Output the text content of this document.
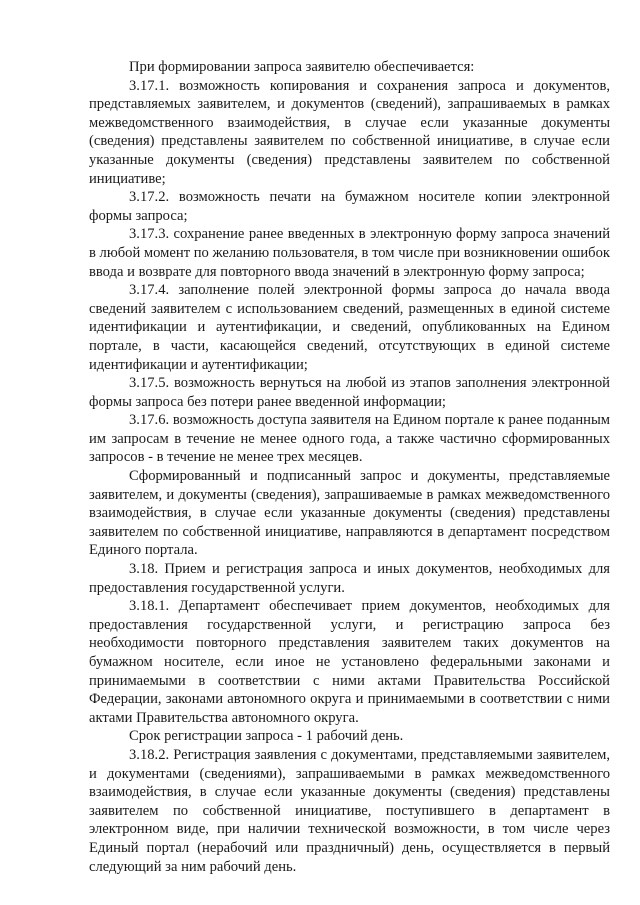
При формировании запроса заявителю обеспечивается:

3.17.1. возможность копирования и сохранения запроса и документов, представляемых заявителем, и документов (сведений), запрашиваемых в рамках межведомственного взаимодействия, в случае если указанные документы (сведения) представлены заявителем по собственной инициативе, в случае если указанные документы (сведения) представлены заявителем по собственной инициативе;

3.17.2. возможность печати на бумажном носителе копии электронной формы запроса;

3.17.3. сохранение ранее введенных в электронную форму запроса значений в любой момент по желанию пользователя, в том числе при возникновении ошибок ввода и возврате для повторного ввода значений в электронную форму запроса;

3.17.4. заполнение полей электронной формы запроса до начала ввода сведений заявителем с использованием сведений, размещенных в единой системе идентификации и аутентификации, и сведений, опубликованных на Едином портале, в части, касающейся сведений, отсутствующих в единой системе идентификации и аутентификации;

3.17.5. возможность вернуться на любой из этапов заполнения электронной формы запроса без потери ранее введенной информации;

3.17.6. возможность доступа заявителя на Едином портале к ранее поданным им запросам в течение не менее одного года, а также частично сформированных запросов - в течение не менее трех месяцев.

Сформированный и подписанный запрос и документы, представляемые заявителем, и документы (сведения), запрашиваемые в рамках межведомственного взаимодействия, в случае если указанные документы (сведения) представлены заявителем по собственной инициативе, направляются в департамент посредством Единого портала.

3.18. Прием и регистрация запроса и иных документов, необходимых для предоставления государственной услуги.

3.18.1. Департамент обеспечивает прием документов, необходимых для предоставления государственной услуги, и регистрацию запроса без необходимости повторного представления заявителем таких документов на бумажном носителе, если иное не установлено федеральными законами и принимаемыми в соответствии с ними актами Правительства Российской Федерации, законами автономного округа и принимаемыми в соответствии с ними актами Правительства автономного округа.

Срок регистрации запроса - 1 рабочий день.

3.18.2. Регистрация заявления с документами, представляемыми заявителем, и документами (сведениями), запрашиваемыми в рамках межведомственного взаимодействия, в случае если указанные документы (сведения) представлены заявителем по собственной инициативе, поступившего в департамент в электронном виде, при наличии технической возможности, в том числе через Единый портал (нерабочий или праздничный) день, осуществляется в первый следующий за ним рабочий день.
